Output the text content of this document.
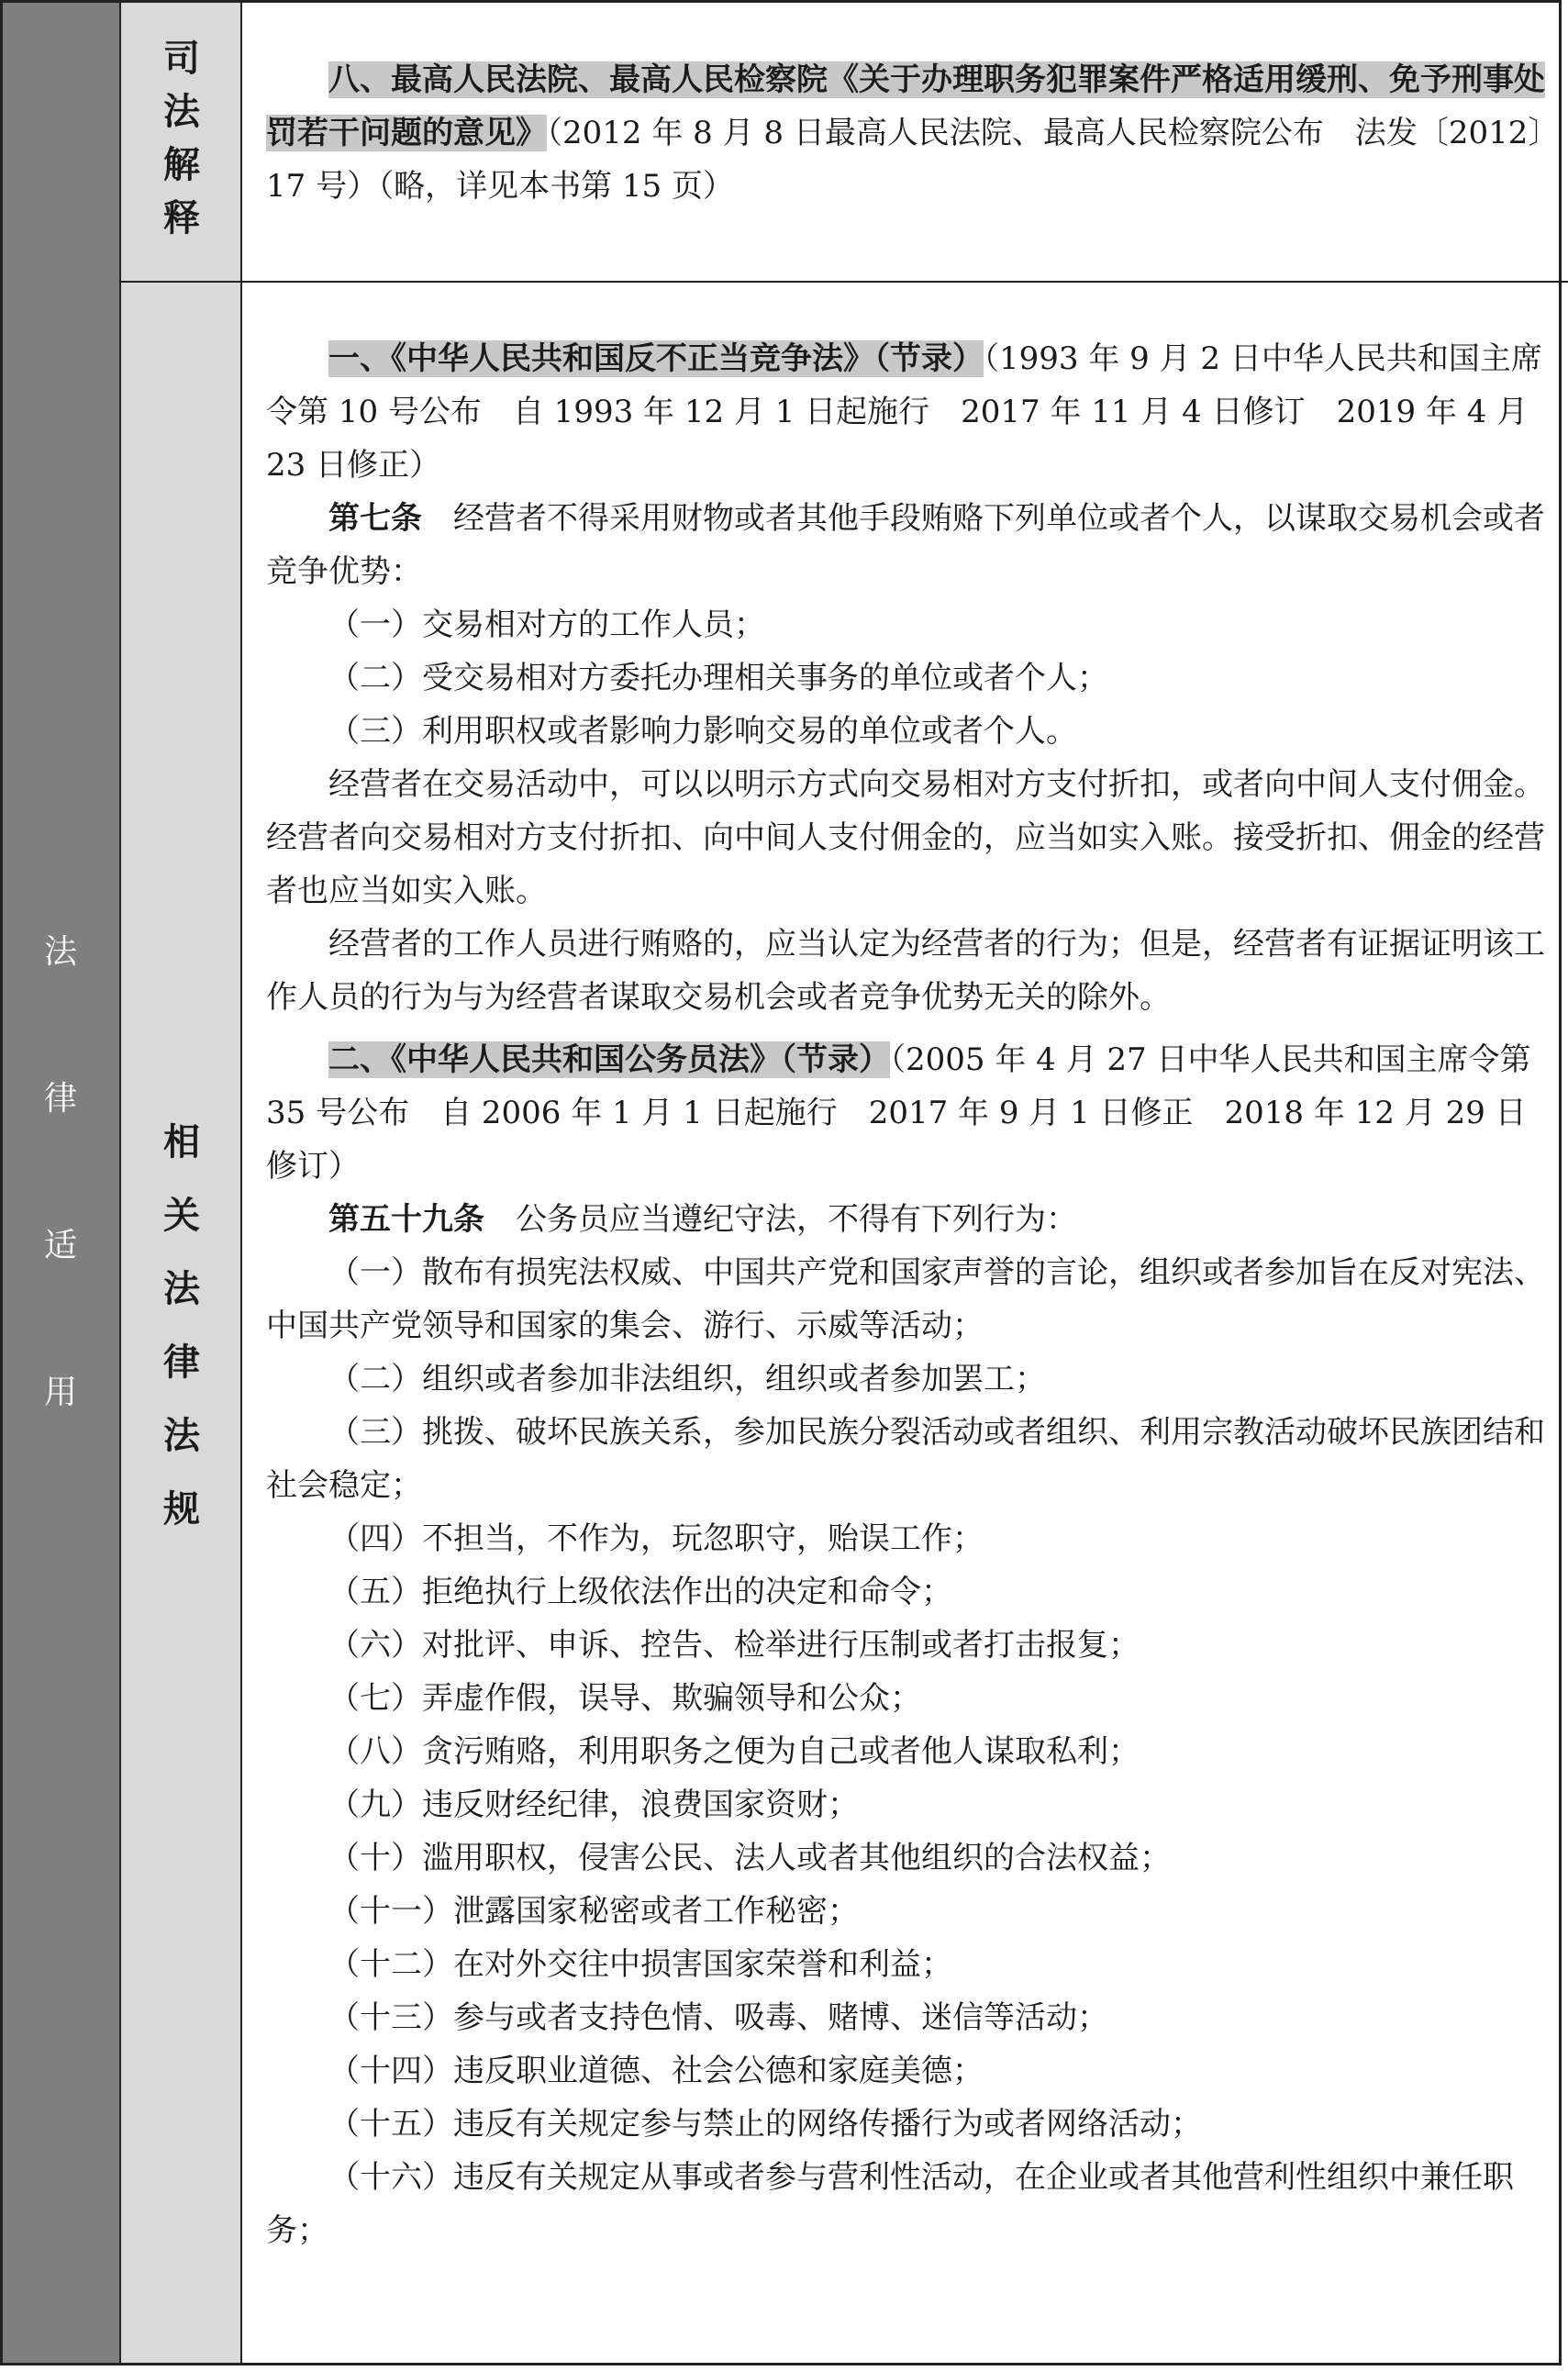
法
律
适
用
司
法
解
释
相
关
法
律
法
规

八、最高人民法院、最高人民检察院《关于办理职务犯罪案件严格适用缓刑、免予刑事处罚若干问题的意见》（2012 年 8 月 8 日最高人民法院、最高人民检察院公布　法发〔2012〕17 号）（略，详见本书第 15 页）

一、《中华人民共和国反不正当竞争法》（节录）（1993 年 9 月 2 日中华人民共和国主席令第 10 号公布　自 1993 年 12 月 1 日起施行　2017 年 11 月 4 日修订　2019 年 4 月 23 日修正）

第七条　经营者不得采用财物或者其他手段贿赂下列单位或者个人，以谋取交易机会或者竞争优势：

（一）交易相对方的工作人员；

（二）受交易相对方委托办理相关事务的单位或者个人；

（三）利用职权或者影响力影响交易的单位或者个人。

经营者在交易活动中，可以以明示方式向交易相对方支付折扣，或者向中间人支付佣金。经营者向交易相对方支付折扣、向中间人支付佣金的，应当如实入账。接受折扣、佣金的经营者也应当如实入账。

经营者的工作人员进行贿赂的，应当认定为经营者的行为；但是，经营者有证据证明该工作人员的行为与为经营者谋取交易机会或者竞争优势无关的除外。

二、《中华人民共和国公务员法》（节录）（2005 年 4 月 27 日中华人民共和国主席令第 35 号公布　自 2006 年 1 月 1 日起施行　2017 年 9 月 1 日修正　2018 年 12 月 29 日修订）

第五十九条　公务员应当遵纪守法，不得有下列行为：

（一）散布有损宪法权威、中国共产党和国家声誉的言论，组织或者参加旨在反对宪法、中国共产党领导和国家的集会、游行、示威等活动；

（二）组织或者参加非法组织，组织或者参加罢工；

（三）挑拨、破坏民族关系，参加民族分裂活动或者组织、利用宗教活动破坏民族团结和社会稳定；

（四）不担当，不作为，玩忽职守，贻误工作；

（五）拒绝执行上级依法作出的决定和命令；

（六）对批评、申诉、控告、检举进行压制或者打击报复；

（七）弄虚作假，误导、欺骗领导和公众；

（八）贪污贿赂，利用职务之便为自己或者他人谋取私利；

（九）违反财经纪律，浪费国家资财；

（十）滥用职权，侵害公民、法人或者其他组织的合法权益；

（十一）泄露国家秘密或者工作秘密；

（十二）在对外交往中损害国家荣誉和利益；

（十三）参与或者支持色情、吸毒、赌博、迷信等活动；

（十四）违反职业道德、社会公德和家庭美德；

（十五）违反有关规定参与禁止的网络传播行为或者网络活动；

（十六）违反有关规定从事或者参与营利性活动，在企业或者其他营利性组织中兼任职务；
